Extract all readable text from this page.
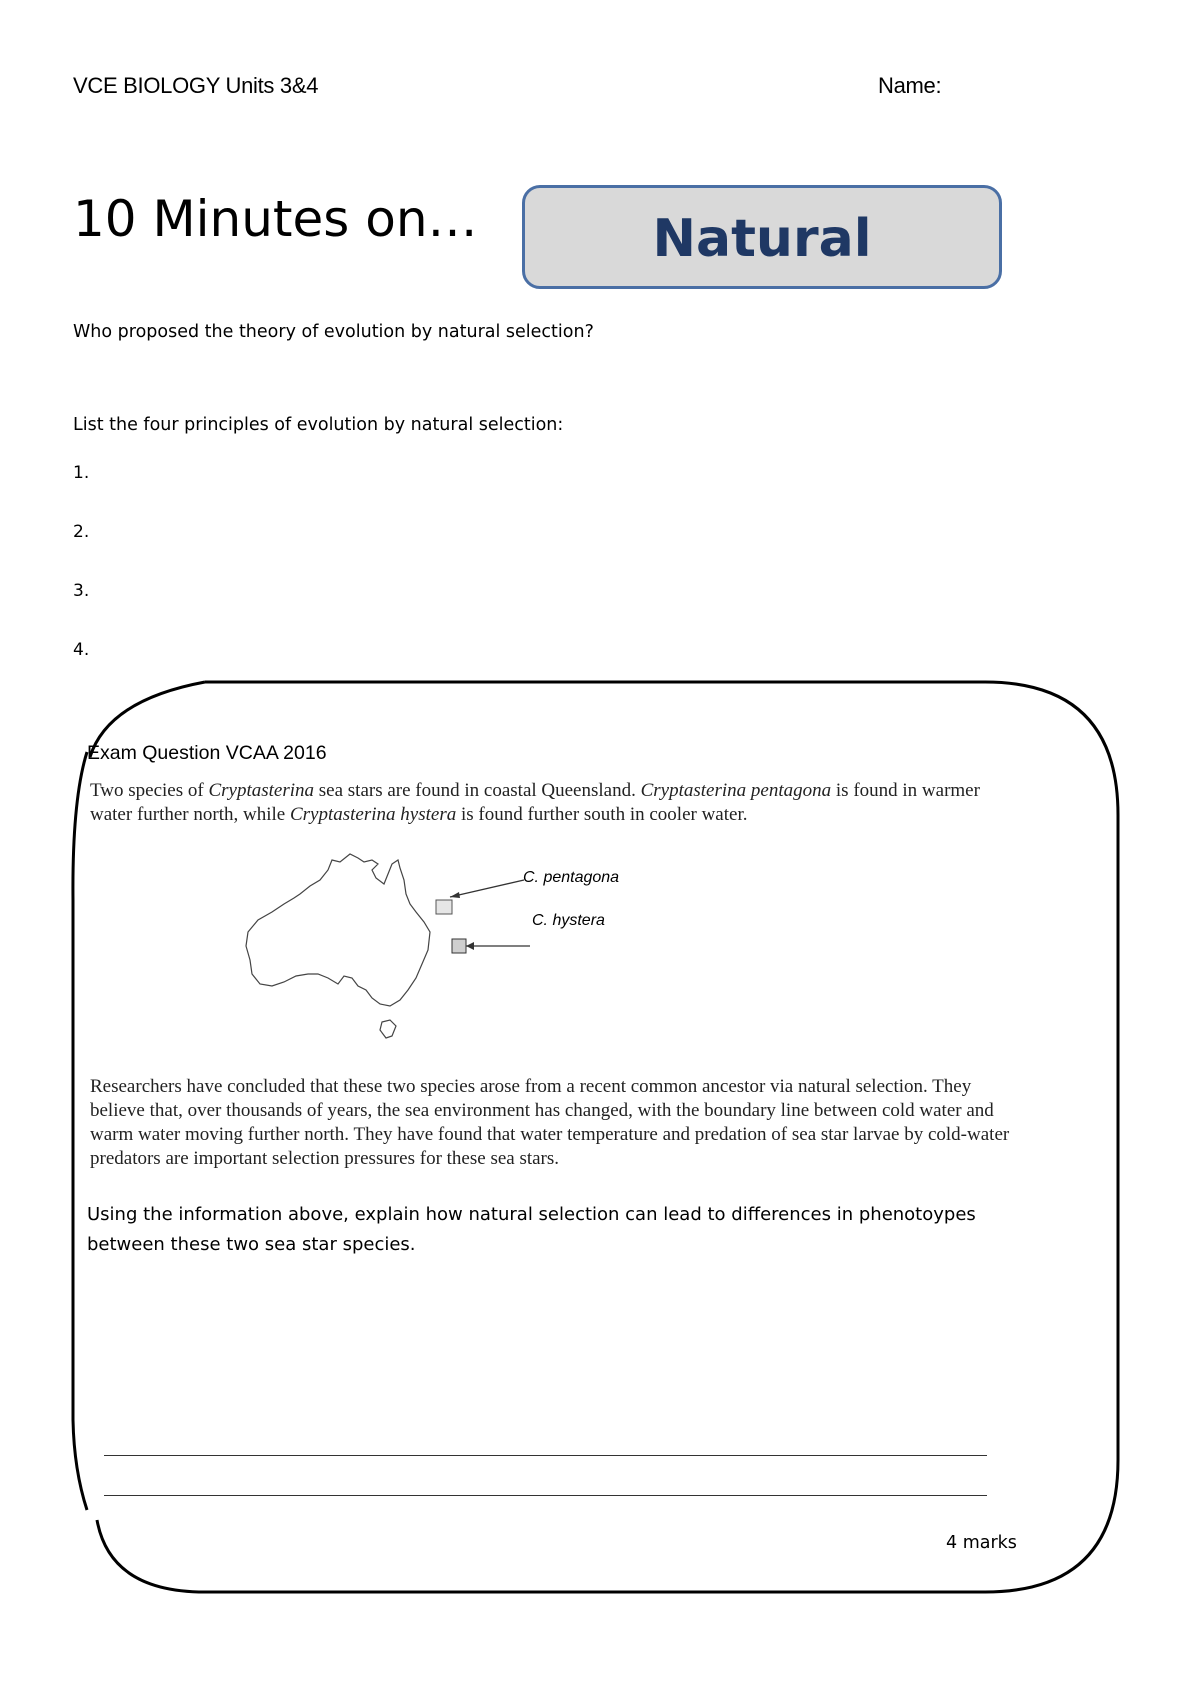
VCE BIOLOGY Units 3&4	Name:
10 Minutes on…	Natural
Who proposed the theory of evolution by natural selection?
List the four principles of evolution by natural selection:
1.
2.
3.
4.
Exam Question VCAA 2016
Two species of Cryptasterina sea stars are found in coastal Queensland. Cryptasterina pentagona is found in warmer water further north, while Cryptasterina hystera is found further south in cooler water.
C. pentagona
C. hystera
Researchers have concluded that these two species arose from a recent common ancestor via natural selection. They believe that, over thousands of years, the sea environment has changed, with the boundary line between cold water and warm water moving further north. They have found that water temperature and predation of sea star larvae by cold-water predators are important selection pressures for these sea stars.
Using the information above, explain how natural selection can lead to differences in phenotoypes between these two sea star species.
4 marks
